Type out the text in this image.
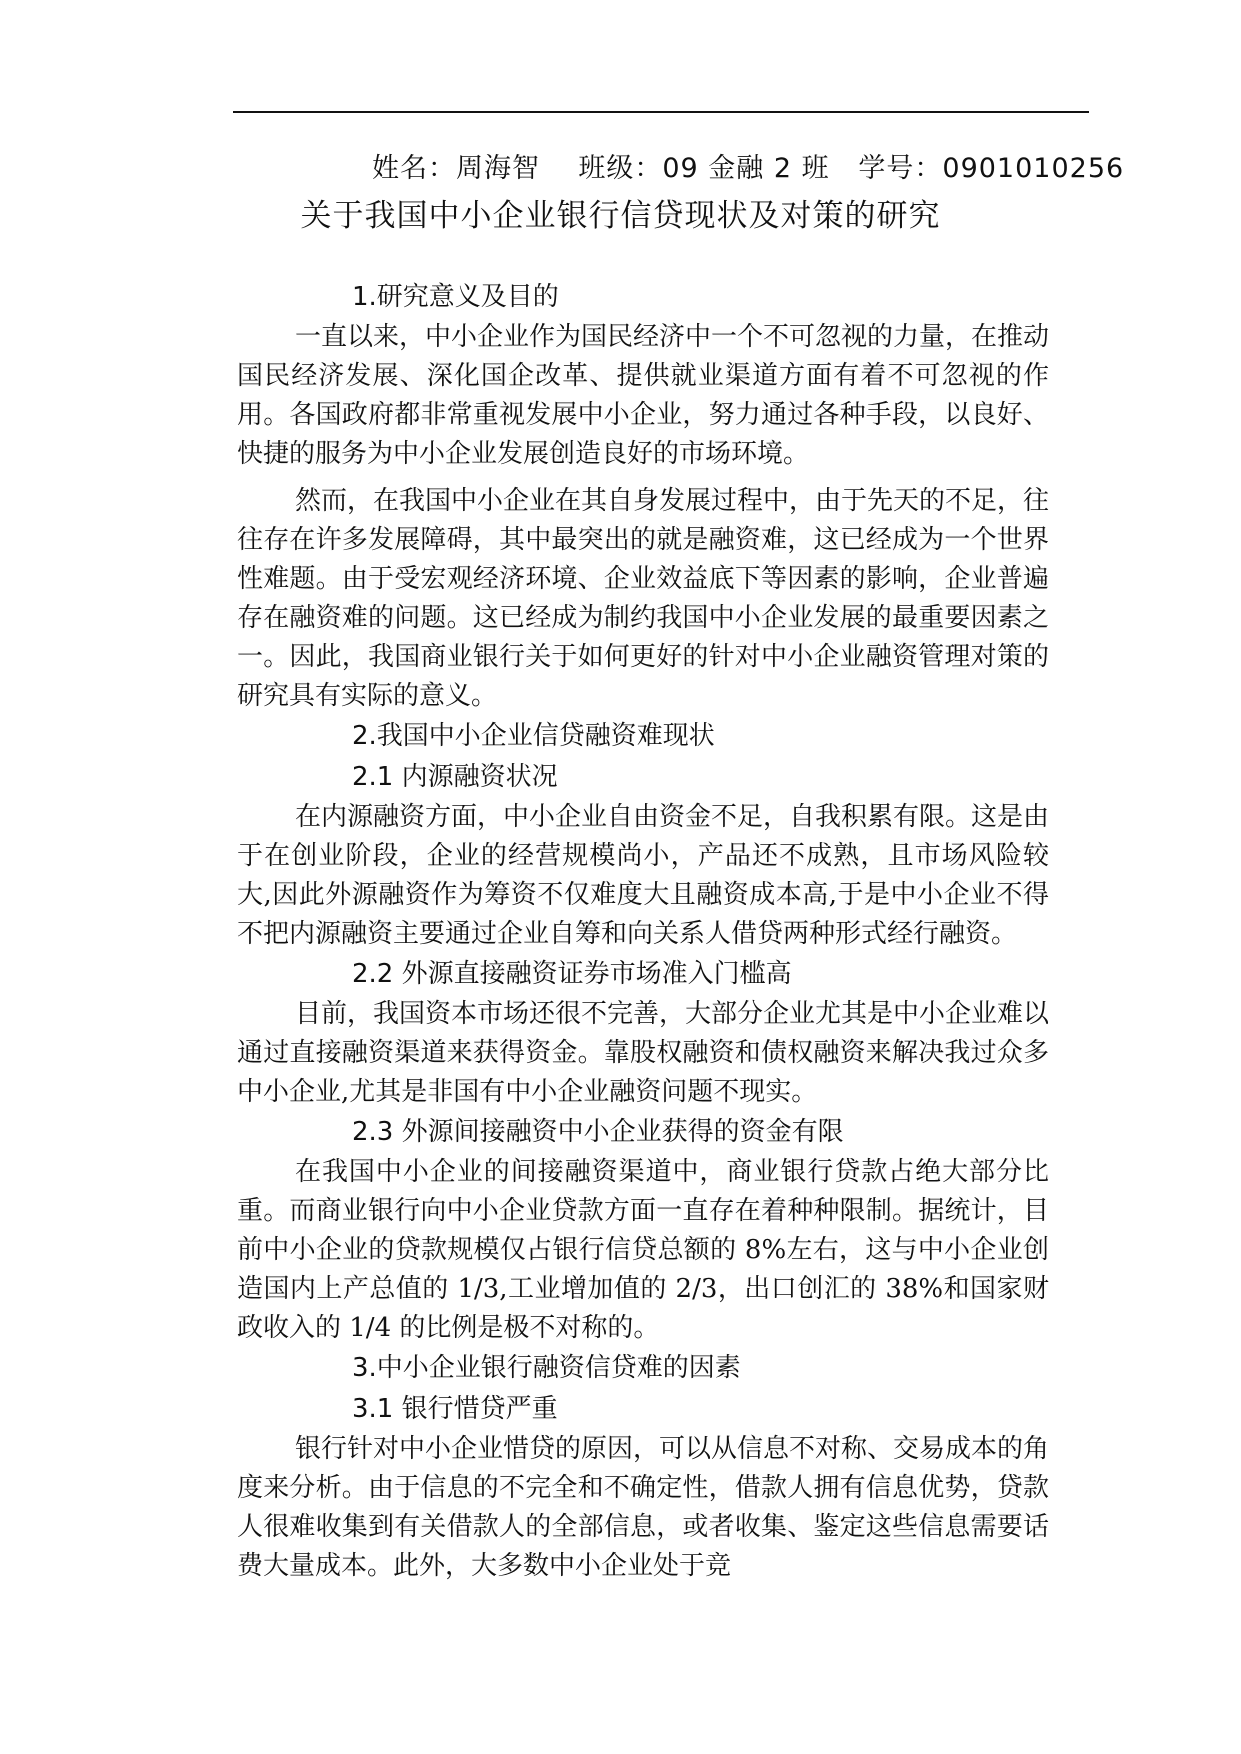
姓名：周海智 班级：09 金融 2 班 学号：0901010256
关于我国中小企业银行信贷现状及对策的研究
1.研究意义及目的

一直以来，中小企业作为国民经济中一个不可忽视的力量，在推动国民经济发展、深化国企改革、提供就业渠道方面有着不可忽视的作用。各国政府都非常重视发展中小企业，努力通过各种手段，以良好、快捷的服务为中小企业发展创造良好的市场环境。

然而，在我国中小企业在其自身发展过程中，由于先天的不足，往往存在许多发展障碍，其中最突出的就是融资难，这已经成为一个世界性难题。由于受宏观经济环境、企业效益底下等因素的影响，企业普遍存在融资难的问题。这已经成为制约我国中小企业发展的最重要因素之一。因此，我国商业银行关于如何更好的针对中小企业融资管理对策的研究具有实际的意义。

2.我国中小企业信贷融资难现状
2.1 内源融资状况

在内源融资方面，中小企业自由资金不足，自我积累有限。这是由于在创业阶段，企业的经营规模尚小，产品还不成熟，且市场风险较大,因此外源融资作为筹资不仅难度大且融资成本高,于是中小企业不得不把内源融资主要通过企业自筹和向关系人借贷两种形式经行融资。

2.2 外源直接融资证券市场准入门槛高

目前，我国资本市场还很不完善，大部分企业尤其是中小企业难以通过直接融资渠道来获得资金。靠股权融资和债权融资来解决我过众多中小企业,尤其是非国有中小企业融资问题不现实。

2.3 外源间接融资中小企业获得的资金有限

在我国中小企业的间接融资渠道中，商业银行贷款占绝大部分比重。而商业银行向中小企业贷款方面一直存在着种种限制。据统计，目前中小企业的贷款规模仅占银行信贷总额的 8%左右，这与中小企业创造国内上产总值的 1/3,工业增加值的 2/3，出口创汇的 38%和国家财政收入的 1/4 的比例是极不对称的。

3.中小企业银行融资信贷难的因素
3.1 银行惜贷严重

银行针对中小企业惜贷的原因，可以从信息不对称、交易成本的角度来分析。由于信息的不完全和不确定性，借款人拥有信息优势，贷款人很难收集到有关借款人的全部信息，或者收集、鉴定这些信息需要话费大量成本。此外，大多数中小企业处于竞
